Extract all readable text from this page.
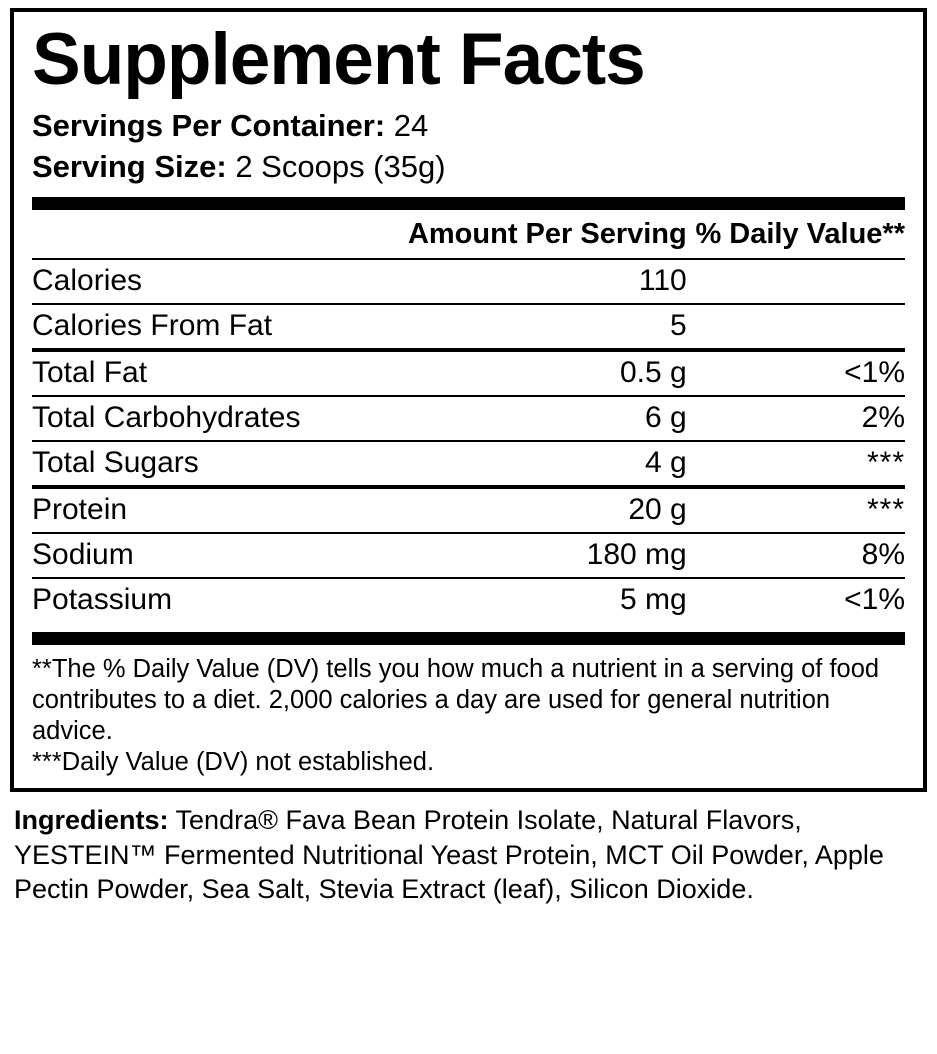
Supplement Facts
Servings Per Container: 24
Serving Size: 2 Scoops (35g)
	Amount Per Serving	% Daily Value**
Calories	110	
Calories From Fat	5	
Total Fat	0.5 g	<1%
Total Carbohydrates	6 g	2%
Total Sugars	4 g	***
Protein	20 g	***
Sodium	180 mg	8%
Potassium	5 mg	<1%

**The % Daily Value (DV) tells you how much a nutrient in a serving of food contributes to a diet. 2,000 calories a day are used for general nutrition advice.

***Daily Value (DV) not established.

Ingredients: Tendra® Fava Bean Protein Isolate, Natural Flavors, YESTEIN™ Fermented Nutritional Yeast Protein, MCT Oil Powder, Apple Pectin Powder, Sea Salt, Stevia Extract (leaf), Silicon Dioxide.
